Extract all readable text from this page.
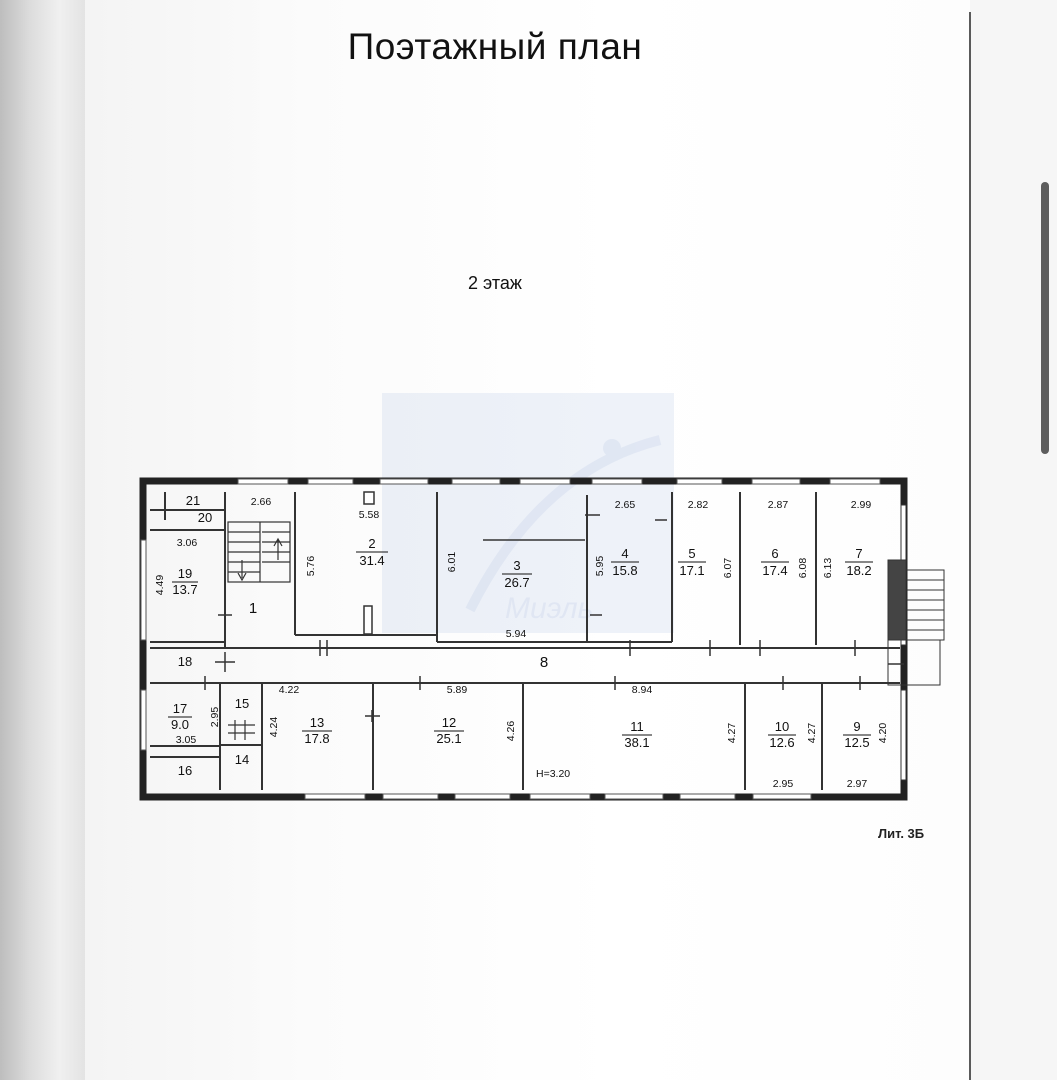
Поэтажный план
2 этаж
Миэль
21
20
19
13.7
1
2
31.4	3
26.7
4
15.8
5
17.1
6
17.4
7
18.2
8
18
17
9.0
16
15
14
13
17.8
12
25.1
11
38.1
10
12.6
9
12.5
H=3.20
2.66
5.58
5.76	6.01
2.65
5.95
5.94
2.82
6.07
2.87
6.08
2.99
6.13
3.06
4.49
4.22	5.89	8.94
2.95
3.05
4.24	4.26	4.27	4.27	4.20
2.95	2.97
Лит. 3Б
